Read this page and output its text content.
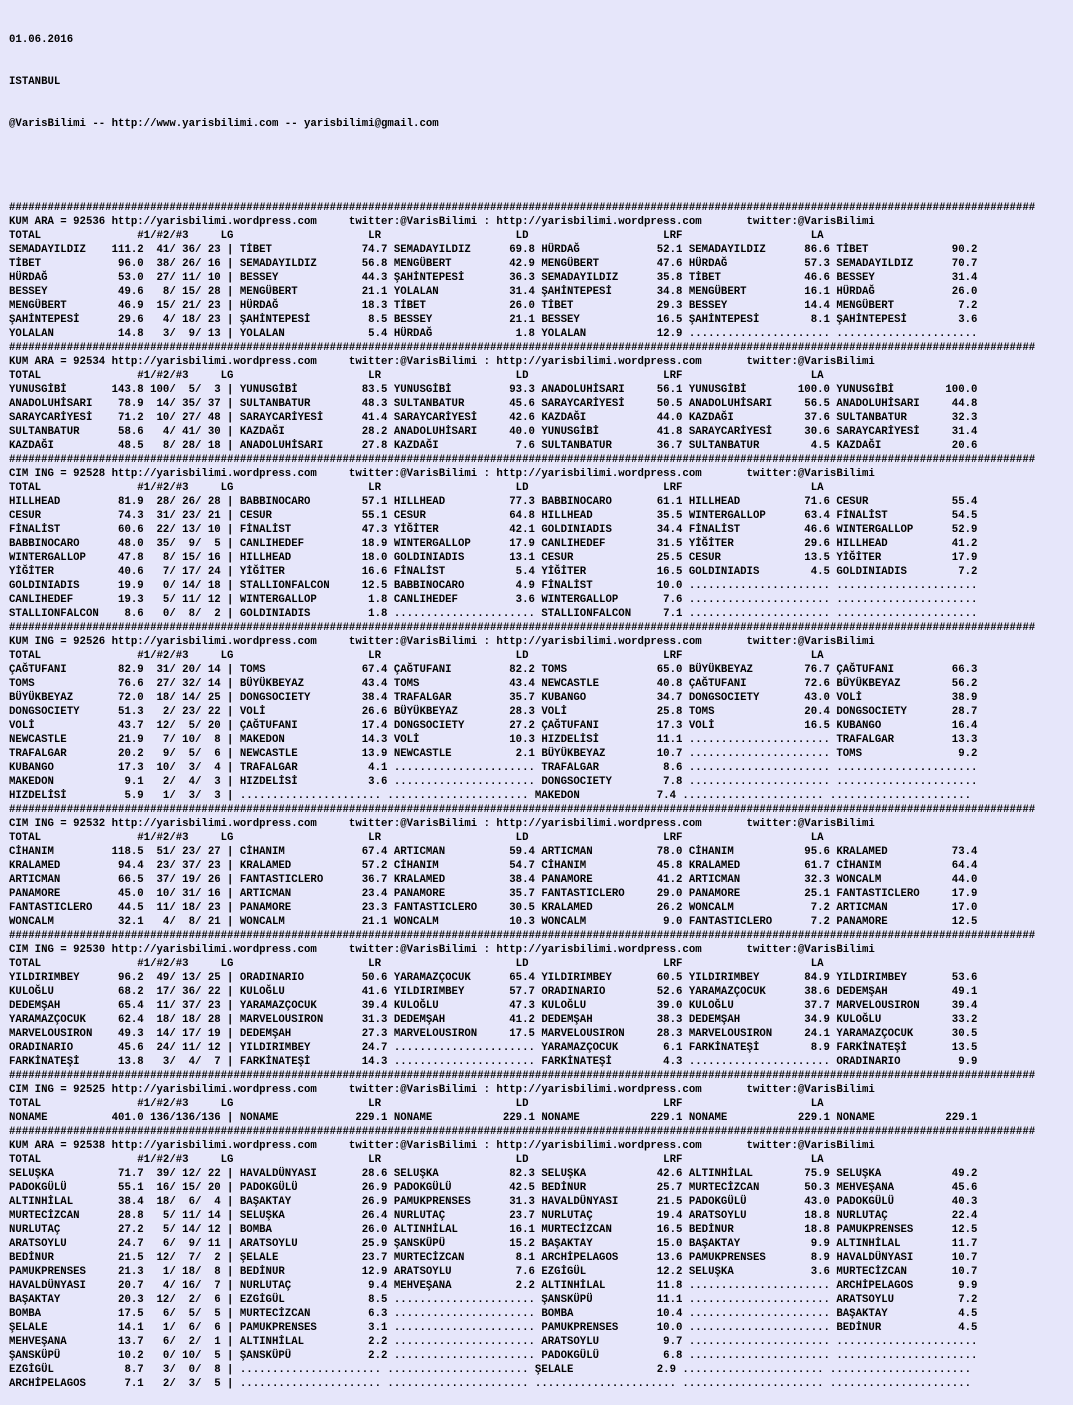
01.06.2016

ISTANBUL

@VarisBilimi -- http://www.yarisbilimi.com -- yarisbilimi@gmail.com

################################################################################################################################################################
KUM ARA = 92536 http://yarisbilimi.wordpress.com     twitter:@VarisBilimi : http://yarisbilimi.wordpress.com       twitter:@VarisBilimi
TOTAL               #1/#2/#3     LG                     LR                     LD                     LRF                    LA
SEMADAYILDIZ    111.2  41/ 36/ 23 | TİBET              74.7 SEMADAYILDIZ      69.8 HÜRDAĞ            52.1 SEMADAYILDIZ      86.6 TİBET             90.2
TİBET            96.0  38/ 26/ 16 | SEMADAYILDIZ       56.8 MENGÜBERT         42.9 MENGÜBERT         47.6 HÜRDAĞ            57.3 SEMADAYILDIZ      70.7
HÜRDAĞ           53.0  27/ 11/ 10 | BESSEY             44.3 ŞAHİNTEPESİ       36.3 SEMADAYILDIZ      35.8 TİBET             46.6 BESSEY            31.4
BESSEY           49.6   8/ 15/ 28 | MENGÜBERT          21.1 YOLALAN           31.4 ŞAHİNTEPESİ       34.8 MENGÜBERT         16.1 HÜRDAĞ            26.0
MENGÜBERT        46.9  15/ 21/ 23 | HÜRDAĞ             18.3 TİBET             26.0 TİBET             29.3 BESSEY            14.4 MENGÜBERT          7.2
ŞAHİNTEPESİ      29.6   4/ 18/ 23 | ŞAHİNTEPESİ         8.5 BESSEY            21.1 BESSEY            16.5 ŞAHİNTEPESİ        8.1 ŞAHİNTEPESİ        3.6
YOLALAN          14.8   3/  9/ 13 | YOLALAN             5.4 HÜRDAĞ             1.8 YOLALAN           12.9 ...................... ......................
################################################################################################################################################################
KUM ARA = 92534 http://yarisbilimi.wordpress.com     twitter:@VarisBilimi : http://yarisbilimi.wordpress.com       twitter:@VarisBilimi
TOTAL               #1/#2/#3     LG                     LR                     LD                     LRF                    LA
YUNUSGİBİ       143.8 100/  5/  3 | YUNUSGİBİ          83.5 YUNUSGİBİ         93.3 ANADOLUHİSARI     56.1 YUNUSGİBİ        100.0 YUNUSGİBİ        100.0
ANADOLUHİSARI    78.9  14/ 35/ 37 | SULTANBATUR        48.3 SULTANBATUR       45.6 SARAYCARİYESİ     50.5 ANADOLUHİSARI     56.5 ANADOLUHİSARI     44.8
SARAYCARİYESİ    71.2  10/ 27/ 48 | SARAYCARİYESİ      41.4 SARAYCARİYESİ     42.6 KAZDAĞI           44.0 KAZDAĞI           37.6 SULTANBATUR       32.3
SULTANBATUR      58.6   4/ 41/ 30 | KAZDAĞI            28.2 ANADOLUHİSARI     40.0 YUNUSGİBİ         41.8 SARAYCARİYESİ     30.6 SARAYCARİYESİ     31.4
KAZDAĞI          48.5   8/ 28/ 18 | ANADOLUHİSARI      27.8 KAZDAĞI            7.6 SULTANBATUR       36.7 SULTANBATUR        4.5 KAZDAĞI           20.6
################################################################################################################################################################
CIM ING = 92528 http://yarisbilimi.wordpress.com     twitter:@VarisBilimi : http://yarisbilimi.wordpress.com       twitter:@VarisBilimi
TOTAL               #1/#2/#3     LG                     LR                     LD                     LRF                    LA
HILLHEAD         81.9  28/ 26/ 28 | BABBINOCARO        57.1 HILLHEAD          77.3 BABBINOCARO       61.1 HILLHEAD          71.6 CESUR             55.4
CESUR            74.3  31/ 23/ 21 | CESUR              55.1 CESUR             64.8 HILLHEAD          35.5 WINTERGALLOP      63.4 FİNALİST          54.5
FİNALİST         60.6  22/ 13/ 10 | FİNALİST           47.3 YİĞİTER           42.1 GOLDINIADIS       34.4 FİNALİST          46.6 WINTERGALLOP      52.9
BABBINOCARO      48.0  35/  9/  5 | CANLIHEDEF         18.9 WINTERGALLOP      17.9 CANLIHEDEF        31.5 YİĞİTER           29.6 HILLHEAD          41.2
WINTERGALLOP     47.8   8/ 15/ 16 | HILLHEAD           18.0 GOLDINIADIS       13.1 CESUR             25.5 CESUR             13.5 YİĞİTER           17.9
YİĞİTER          40.6   7/ 17/ 24 | YİĞİTER            16.6 FİNALİST           5.4 YİĞİTER           16.5 GOLDINIADIS        4.5 GOLDINIADIS        7.2
GOLDINIADIS      19.9   0/ 14/ 18 | STALLIONFALCON     12.5 BABBINOCARO        4.9 FİNALİST          10.0 ...................... ......................
CANLIHEDEF       19.3   5/ 11/ 12 | WINTERGALLOP        1.8 CANLIHEDEF         3.6 WINTERGALLOP       7.6 ...................... ......................
STALLIONFALCON    8.6   0/  8/  2 | GOLDINIADIS         1.8 ...................... STALLIONFALCON     7.1 ...................... ......................
################################################################################################################################################################
KUM ING = 92526 http://yarisbilimi.wordpress.com     twitter:@VarisBilimi : http://yarisbilimi.wordpress.com       twitter:@VarisBilimi
TOTAL               #1/#2/#3     LG                     LR                     LD                     LRF                    LA
ÇAĞTUFANI        82.9  31/ 20/ 14 | TOMS               67.4 ÇAĞTUFANI         82.2 TOMS              65.0 BÜYÜKBEYAZ        76.7 ÇAĞTUFANI         66.3
TOMS             76.6  27/ 32/ 14 | BÜYÜKBEYAZ         43.4 TOMS              43.4 NEWCASTLE         40.8 ÇAĞTUFANI         72.6 BÜYÜKBEYAZ        56.2
BÜYÜKBEYAZ       72.0  18/ 14/ 25 | DONGSOCIETY        38.4 TRAFALGAR         35.7 KUBANGO           34.7 DONGSOCIETY       43.0 VOLİ              38.9
DONGSOCIETY      51.3   2/ 23/ 22 | VOLİ               26.6 BÜYÜKBEYAZ        28.3 VOLİ              25.8 TOMS              20.4 DONGSOCIETY       28.7
VOLİ             43.7  12/  5/ 20 | ÇAĞTUFANI          17.4 DONGSOCIETY       27.2 ÇAĞTUFANI         17.3 VOLİ              16.5 KUBANGO           16.4
NEWCASTLE        21.9   7/ 10/  8 | MAKEDON            14.3 VOLİ              10.3 HIZDELİSİ         11.1 ...................... TRAFALGAR         13.3
TRAFALGAR        20.2   9/  5/  6 | NEWCASTLE          13.9 NEWCASTLE          2.1 BÜYÜKBEYAZ        10.7 ...................... TOMS               9.2
KUBANGO          17.3  10/  3/  4 | TRAFALGAR           4.1 ...................... TRAFALGAR          8.6 ...................... ......................
MAKEDON           9.1   2/  4/  3 | HIZDELİSİ           3.6 ...................... DONGSOCIETY        7.8 ...................... ......................
HIZDELİSİ         5.9   1/  3/  3 | ...................... ...................... MAKEDON            7.4 ...................... ......................
################################################################################################################################################################
CIM ING = 92532 http://yarisbilimi.wordpress.com     twitter:@VarisBilimi : http://yarisbilimi.wordpress.com       twitter:@VarisBilimi
TOTAL               #1/#2/#3     LG                     LR                     LD                     LRF                    LA
CİHANIM         118.5  51/ 23/ 27 | CİHANIM            67.4 ARTICMAN          59.4 ARTICMAN          78.0 CİHANIM           95.6 KRALAMED          73.4
KRALAMED         94.4  23/ 37/ 23 | KRALAMED           57.2 CİHANIM           54.7 CİHANIM           45.8 KRALAMED          61.7 CİHANIM           64.4
ARTICMAN         66.5  37/ 19/ 26 | FANTASTICLERO      36.7 KRALAMED          38.4 PANAMORE          41.2 ARTICMAN          32.3 WONCALM           44.0
PANAMORE         45.0  10/ 31/ 16 | ARTICMAN           23.4 PANAMORE          35.7 FANTASTICLERO     29.0 PANAMORE          25.1 FANTASTICLERO     17.9
FANTASTICLERO    44.5  11/ 18/ 23 | PANAMORE           23.3 FANTASTICLERO     30.5 KRALAMED          26.2 WONCALM            7.2 ARTICMAN          17.0
WONCALM          32.1   4/  8/ 21 | WONCALM            21.1 WONCALM           10.3 WONCALM            9.0 FANTASTICLERO      7.2 PANAMORE          12.5
################################################################################################################################################################
CIM ING = 92530 http://yarisbilimi.wordpress.com     twitter:@VarisBilimi : http://yarisbilimi.wordpress.com       twitter:@VarisBilimi
TOTAL               #1/#2/#3     LG                     LR                     LD                     LRF                    LA
YILDIRIMBEY      96.2  49/ 13/ 25 | ORADINARIO         50.6 YARAMAZÇOCUK      65.4 YILDIRIMBEY       60.5 YILDIRIMBEY       84.9 YILDIRIMBEY       53.6
KULOĞLU          68.2  17/ 36/ 22 | KULOĞLU            41.6 YILDIRIMBEY       57.7 ORADINARIO        52.6 YARAMAZÇOCUK      38.6 DEDEMŞAH          49.1
DEDEMŞAH         65.4  11/ 37/ 23 | YARAMAZÇOCUK       39.4 KULOĞLU           47.3 KULOĞLU           39.0 KULOĞLU           37.7 MARVELOUSIRON     39.4
YARAMAZÇOCUK     62.4  18/ 18/ 28 | MARVELOUSIRON      31.3 DEDEMŞAH          41.2 DEDEMŞAH          38.3 DEDEMŞAH          34.9 KULOĞLU           33.2
MARVELOUSIRON    49.3  14/ 17/ 19 | DEDEMŞAH           27.3 MARVELOUSIRON     17.5 MARVELOUSIRON     28.3 MARVELOUSIRON     24.1 YARAMAZÇOCUK      30.5
ORADINARIO       45.6  24/ 11/ 12 | YILDIRIMBEY        24.7 ...................... YARAMAZÇOCUK       6.1 FARKİNATEŞİ        8.9 FARKİNATEŞİ       13.5
FARKİNATEŞİ      13.8   3/  4/  7 | FARKİNATEŞİ        14.3 ...................... FARKİNATEŞİ        4.3 ...................... ORADINARIO         9.9
################################################################################################################################################################
CIM ING = 92525 http://yarisbilimi.wordpress.com     twitter:@VarisBilimi : http://yarisbilimi.wordpress.com       twitter:@VarisBilimi
TOTAL               #1/#2/#3     LG                     LR                     LD                     LRF                    LA
NONAME          401.0 136/136/136 | NONAME            229.1 NONAME           229.1 NONAME           229.1 NONAME           229.1 NONAME           229.1
################################################################################################################################################################
KUM ARA = 92538 http://yarisbilimi.wordpress.com     twitter:@VarisBilimi : http://yarisbilimi.wordpress.com       twitter:@VarisBilimi
TOTAL               #1/#2/#3     LG                     LR                     LD                     LRF                    LA
SELUŞKA          71.7  39/ 12/ 22 | HAVALDÜNYASI       28.6 SELUŞKA           82.3 SELUŞKA           42.6 ALTINHİLAL        75.9 SELUŞKA           49.2
PADOKGÜLÜ        55.1  16/ 15/ 20 | PADOKGÜLÜ          26.9 PADOKGÜLÜ         42.5 BEDİNUR           25.7 MURTECİZCAN       50.3 MEHVEŞANA         45.6
ALTINHİLAL       38.4  18/  6/  4 | BAŞAKTAY           26.9 PAMUKPRENSES      31.3 HAVALDÜNYASI      21.5 PADOKGÜLÜ         43.0 PADOKGÜLÜ         40.3
MURTECİZCAN      28.8   5/ 11/ 14 | SELUŞKA            26.4 NURLUTAÇ          23.7 NURLUTAÇ          19.4 ARATSOYLU         18.8 NURLUTAÇ          22.4
NURLUTAÇ         27.2   5/ 14/ 12 | BOMBA              26.0 ALTINHİLAL        16.1 MURTECİZCAN       16.5 BEDİNUR           18.8 PAMUKPRENSES      12.5
ARATSOYLU        24.7   6/  9/ 11 | ARATSOYLU          25.9 ŞANSKÜPÜ          15.2 BAŞAKTAY          15.0 BAŞAKTAY           9.9 ALTINHİLAL        11.7
BEDİNUR          21.5  12/  7/  2 | ŞELALE             23.7 MURTECİZCAN        8.1 ARCHİPELAGOS      13.6 PAMUKPRENSES       8.9 HAVALDÜNYASI      10.7
PAMUKPRENSES     21.3   1/ 18/  8 | BEDİNUR            12.9 ARATSOYLU          7.6 EZGİGÜL           12.2 SELUŞKA            3.6 MURTECİZCAN       10.7
HAVALDÜNYASI     20.7   4/ 16/  7 | NURLUTAÇ            9.4 MEHVEŞANA          2.2 ALTINHİLAL        11.8 ...................... ARCHİPELAGOS       9.9
BAŞAKTAY         20.3  12/  2/  6 | EZGİGÜL             8.5 ...................... ŞANSKÜPÜ          11.1 ...................... ARATSOYLU          7.2
BOMBA            17.5   6/  5/  5 | MURTECİZCAN         6.3 ...................... BOMBA             10.4 ...................... BAŞAKTAY           4.5
ŞELALE           14.1   1/  6/  6 | PAMUKPRENSES        3.1 ...................... PAMUKPRENSES      10.0 ...................... BEDİNUR            4.5
MEHVEŞANA        13.7   6/  2/  1 | ALTINHİLAL          2.2 ...................... ARATSOYLU          9.7 ...................... ......................
ŞANSKÜPÜ         10.2   0/ 10/  5 | ŞANSKÜPÜ            2.2 ...................... PADOKGÜLÜ          6.8 ...................... ......................
EZGİGÜL           8.7   3/  0/  8 | ...................... ...................... ŞELALE             2.9 ...................... ......................
ARCHİPELAGOS      7.1   2/  3/  5 | ...................... ...................... ...................... ...................... ......................
